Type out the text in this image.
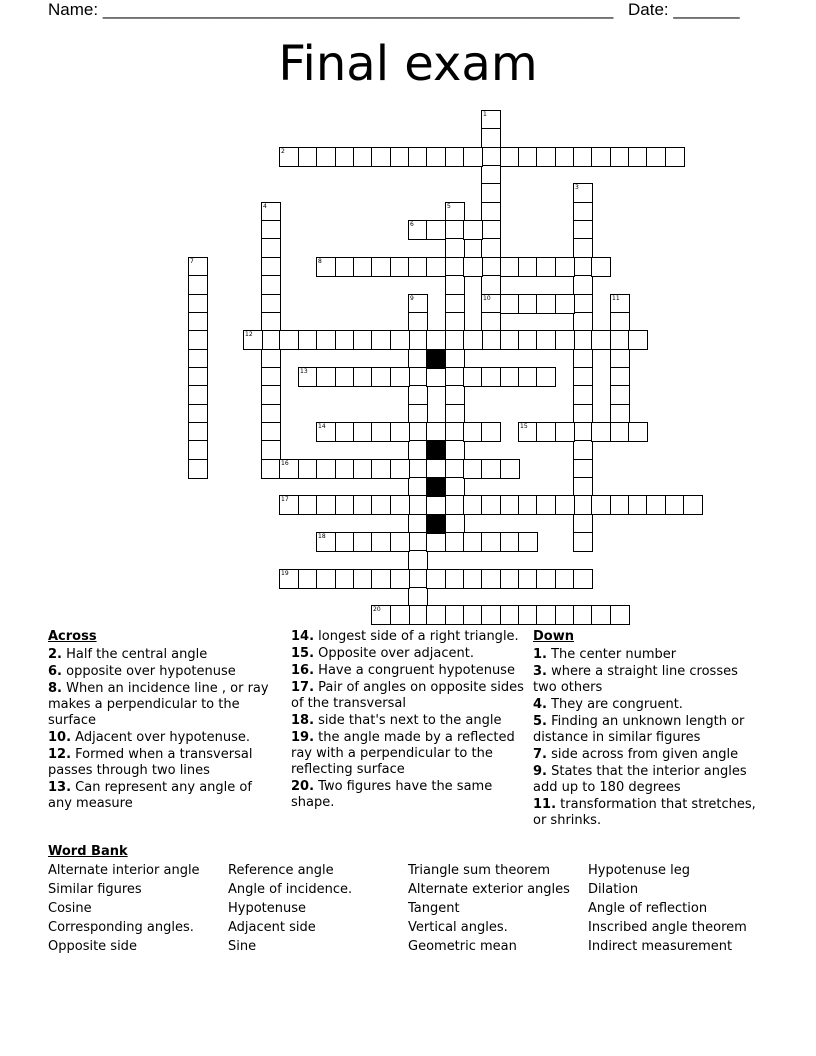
Name: ______________________________________________________ Date: _______
Final exam
1
10
2
3
4	5
6
7	8
9	11
12
13
14	15
16
17
18
19
20
Across
2. Half the central angle
6. opposite over hypotenuse
8. When an incidence line , or ray makes a perpendicular to the surface
10. Adjacent over hypotenuse.
12. Formed when a transversal passes through two lines
13. Can represent any angle of any measure
14. longest side of a right triangle.
15. Opposite over adjacent.
16. Have a congruent hypotenuse
17. Pair of angles on opposite sides of the transversal
18. side that's next to the angle
19. the angle made by a reflected ray with a perpendicular to the reflecting surface
20. Two figures have the same shape.
Down
1. The center number
3. where a straight line crosses two others
4. They are congruent.
5. Finding an unknown length or distance in similar figures
7. side across from given angle
9. States that the interior angles add up to 180 degrees
11. transformation that stretches, or shrinks.
Word Bank
Alternate interior angle	Reference angle	Triangle sum theorem	Hypotenuse leg
Similar figures	Angle of incidence.	Alternate exterior angles	Dilation
Cosine	Hypotenuse	Tangent	Angle of reflection
Corresponding angles.	Adjacent side	Vertical angles.	Inscribed angle theorem
Opposite side	Sine	Geometric mean	Indirect measurement
